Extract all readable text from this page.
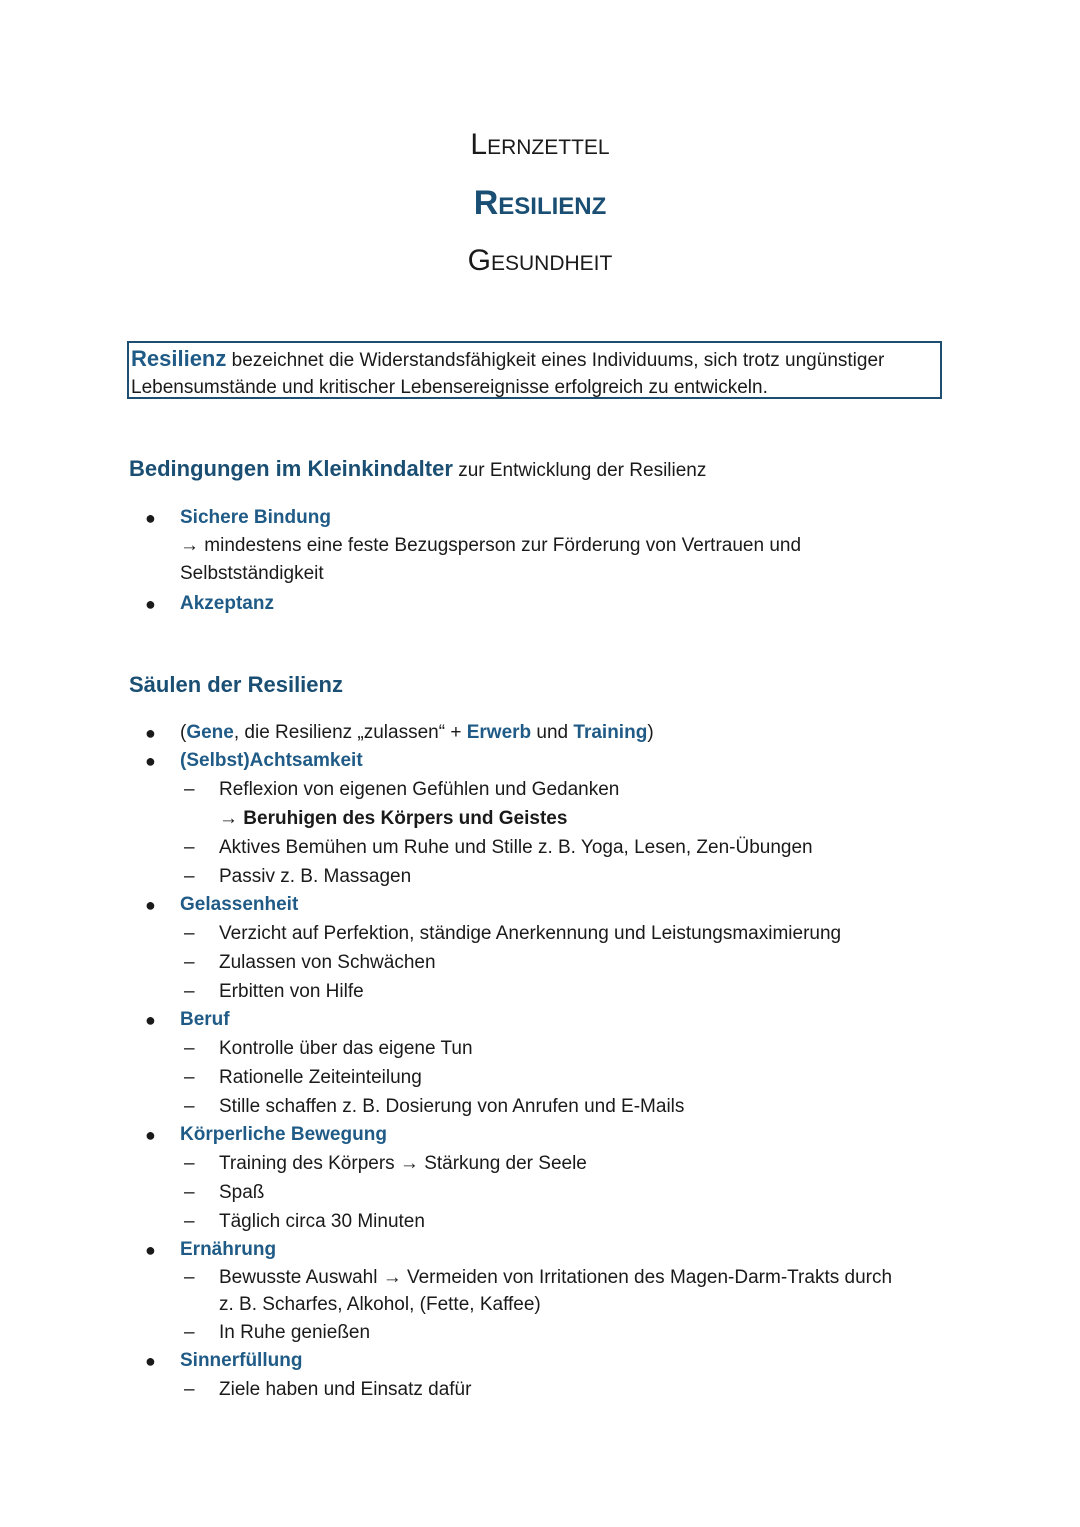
Lernzettel
Resilienz
Gesundheit
Resilienz bezeichnet die Widerstandsfähigkeit eines Individuums, sich trotz ungünstiger
Lebensumstände und kritischer Lebensereignisse erfolgreich zu entwickeln.
Bedingungen im Kleinkindalter zur Entwicklung der Resilienz
● Sichere Bindung
→ mindestens eine feste Bezugsperson zur Förderung von Vertrauen und
Selbstständigkeit
● Akzeptanz
Säulen der Resilienz
● (Gene, die Resilienz „zulassen“ + Erwerb und Training)
● (Selbst)Achtsamkeit
– Reflexion von eigenen Gefühlen und Gedanken
→ Beruhigen des Körpers und Geistes
– Aktives Bemühen um Ruhe und Stille z. B. Yoga, Lesen, Zen-Übungen
– Passiv z. B. Massagen
● Gelassenheit
– Verzicht auf Perfektion, ständige Anerkennung und Leistungsmaximierung
– Zulassen von Schwächen
– Erbitten von Hilfe
● Beruf
– Kontrolle über das eigene Tun
– Rationelle Zeiteinteilung
– Stille schaffen z. B. Dosierung von Anrufen und E-Mails
● Körperliche Bewegung
– Training des Körpers → Stärkung der Seele
– Spaß
– Täglich circa 30 Minuten
● Ernährung
– Bewusste Auswahl → Vermeiden von Irritationen des Magen-Darm-Trakts durch
z. B. Scharfes, Alkohol, (Fette, Kaffee)
– In Ruhe genießen
● Sinnerfüllung
– Ziele haben und Einsatz dafür
